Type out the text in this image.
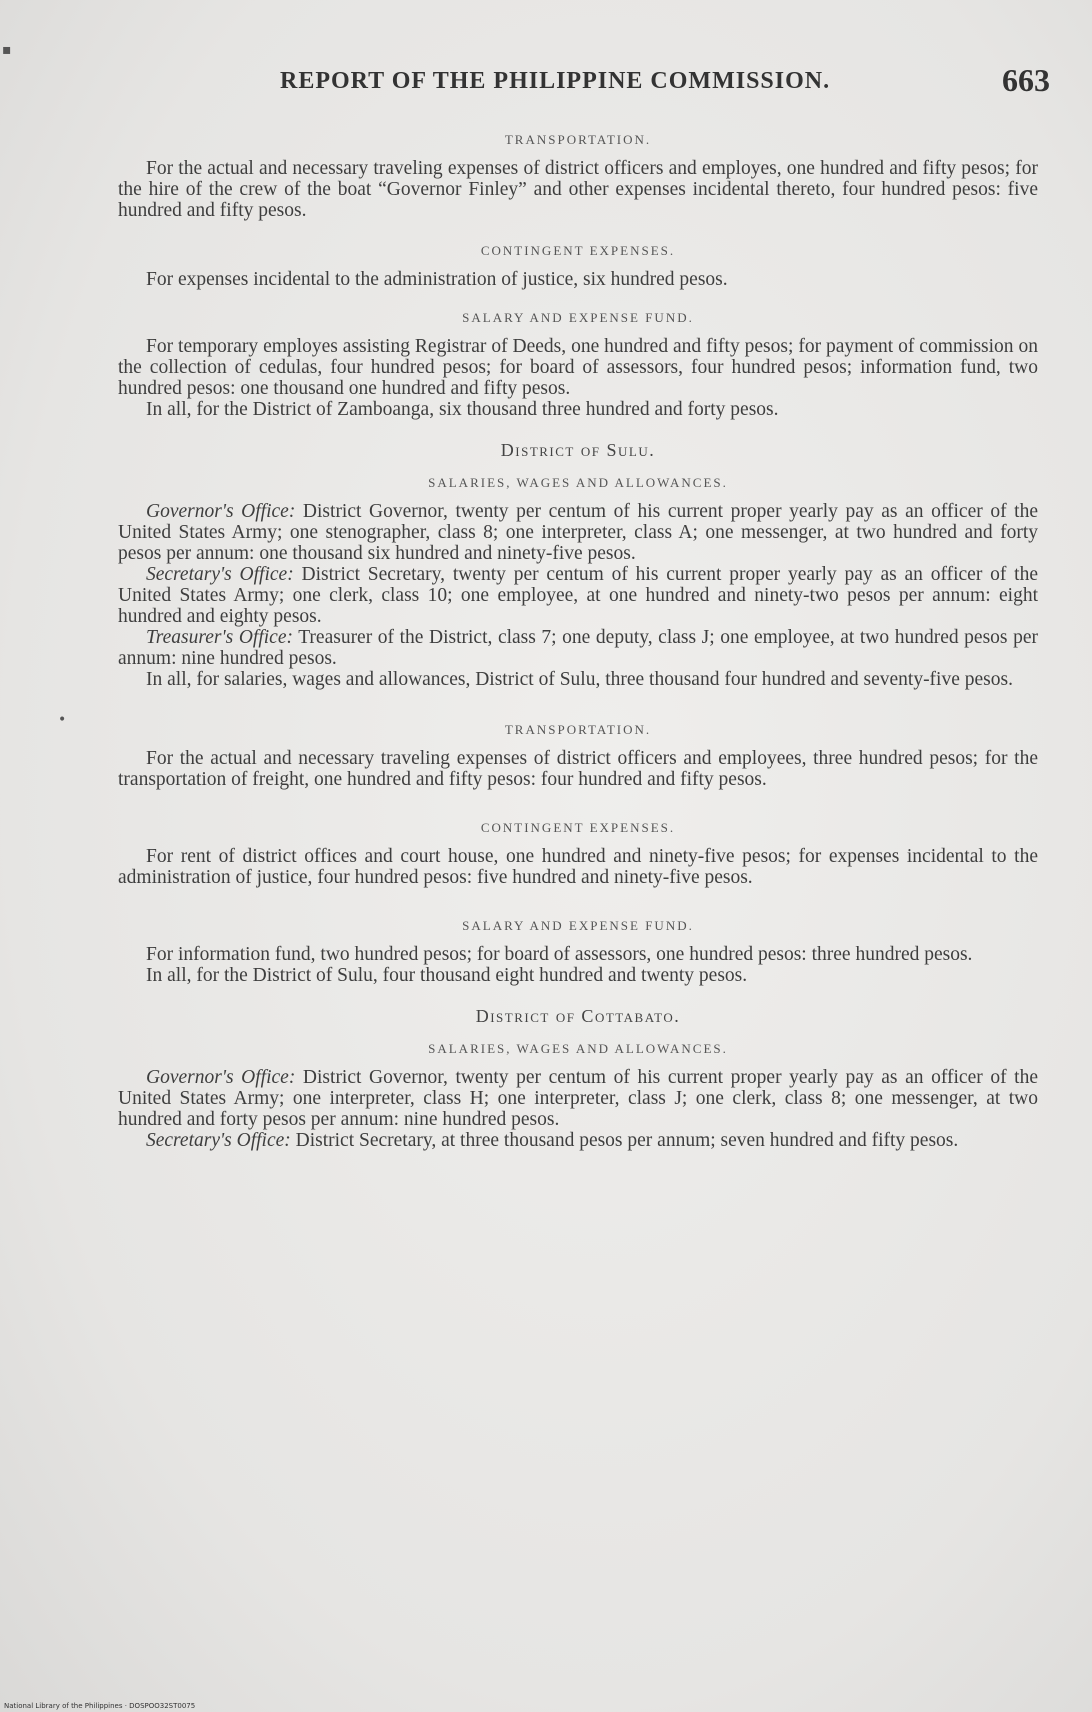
REPORT OF THE PHILIPPINE COMMISSION.	663
TRANSPORTATION.

For the actual and necessary traveling expenses of district officers and employes, one hundred and fifty pesos; for the hire of the crew of the boat “Governor Finley” and other expenses incidental thereto, four hundred pesos: five hundred and fifty pesos.

CONTINGENT EXPENSES.

For expenses incidental to the administration of justice, six hundred pesos.

SALARY AND EXPENSE FUND.

For temporary employes assisting Registrar of Deeds, one hundred and fifty pesos; for payment of commission on the collection of cedulas, four hundred pesos; for board of assessors, four hundred pesos; information fund, two hundred pesos: one thousand one hundred and fifty pesos.

In all, for the District of Zamboanga, six thousand three hundred and forty pesos.

District of Sulu.
SALARIES, WAGES AND ALLOWANCES.

Governor's Office: District Governor, twenty per centum of his current proper yearly pay as an officer of the United States Army; one stenographer, class 8; one interpreter, class A; one messenger, at two hundred and forty pesos per annum: one thousand six hundred and ninety-five pesos.

Secretary's Office: District Secretary, twenty per centum of his current proper yearly pay as an officer of the United States Army; one clerk, class 10; one employee, at one hundred and ninety-two pesos per annum: eight hundred and eighty pesos.

Treasurer's Office: Treasurer of the District, class 7; one deputy, class J; one employee, at two hundred pesos per annum: nine hundred pesos.

In all, for salaries, wages and allowances, District of Sulu, three thousand four hundred and seventy-five pesos.

TRANSPORTATION.

For the actual and necessary traveling expenses of district officers and employees, three hundred pesos; for the transportation of freight, one hundred and fifty pesos: four hundred and fifty pesos.

CONTINGENT EXPENSES.

For rent of district offices and court house, one hundred and ninety-five pesos; for expenses incidental to the administration of justice, four hundred pesos: five hundred and ninety-five pesos.

SALARY AND EXPENSE FUND.

For information fund, two hundred pesos; for board of assessors, one hundred pesos: three hundred pesos.

In all, for the District of Sulu, four thousand eight hundred and twenty pesos.

District of Cottabato.
SALARIES, WAGES AND ALLOWANCES.

Governor's Office: District Governor, twenty per centum of his current proper yearly pay as an officer of the United States Army; one interpreter, class H; one interpreter, class J; one clerk, class 8; one messenger, at two hundred and forty pesos per annum: nine hundred pesos.

Secretary's Office: District Secretary, at three thousand pesos per annum; seven hundred and fifty pesos.

▪
•
National Library of the Philippines · DOSPOO32ST0075
